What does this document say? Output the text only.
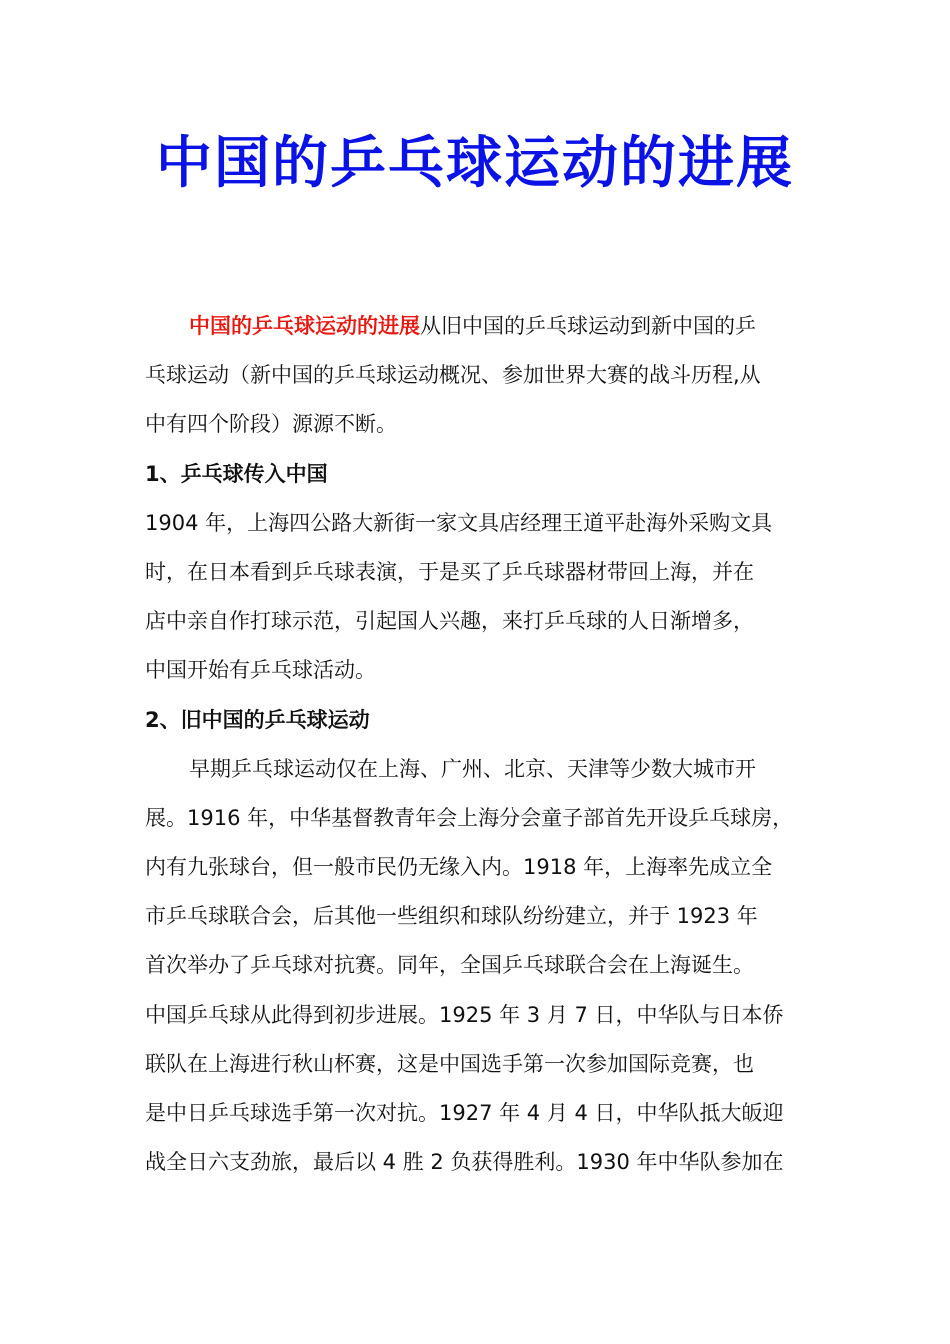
中国的乒乓球运动的进展
中国的乒乓球运动的进展从旧中国的乒乓球运动到新中国的乒
乓球运动（新中国的乒乓球运动概况、参加世界大赛的战斗历程,从
中有四个阶段）源源不断。
1、乒乓球传入中国
1904 年，上海四公路大新街一家文具店经理王道平赴海外采购文具
时，在日本看到乒乓球表演，于是买了乒乓球器材带回上海，并在
店中亲自作打球示范，引起国人兴趣，来打乒乓球的人日渐增多，
中国开始有乒乓球活动。
2、旧中国的乒乓球运动
早期乒乓球运动仅在上海、广州、北京、天津等少数大城市开
展。1916 年，中华基督教青年会上海分会童子部首先开设乒乓球房，
内有九张球台，但一般市民仍无缘入内。1918 年，上海率先成立全
市乒乓球联合会，后其他一些组织和球队纷纷建立，并于 1923 年
首次举办了乒乓球对抗赛。同年，全国乒乓球联合会在上海诞生。
中国乒乓球从此得到初步进展。1925 年 3 月 7 日，中华队与日本侨
联队在上海进行秋山杯赛，这是中国选手第一次参加国际竞赛，也
是中日乒乓球选手第一次对抗。1927 年 4 月 4 日，中华队抵大皈迎
战全日六支劲旅，最后以 4 胜 2 负获得胜利。1930 年中华队参加在
